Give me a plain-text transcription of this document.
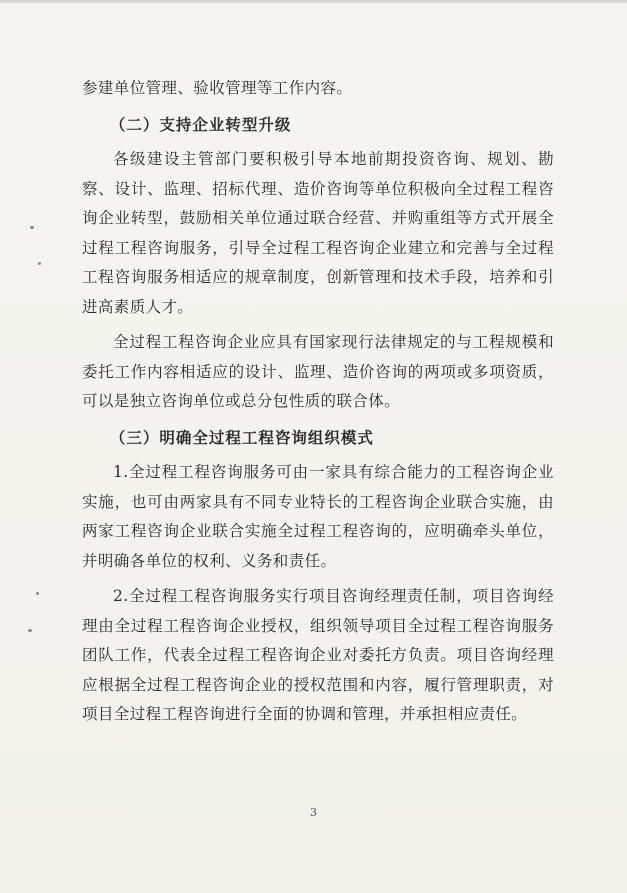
参建单位管理、验收管理等工作内容。

（二）支持企业转型升级

各级建设主管部门要积极引导本地前期投资咨询、规划、勘察、设计、监理、招标代理、造价咨询等单位积极向全过程工程咨询企业转型，鼓励相关单位通过联合经营、并购重组等方式开展全过程工程咨询服务，引导全过程工程咨询企业建立和完善与全过程工程咨询服务相适应的规章制度，创新管理和技术手段，培养和引进高素质人才。

全过程工程咨询企业应具有国家现行法律规定的与工程规模和委托工作内容相适应的设计、监理、造价咨询的两项或多项资质，可以是独立咨询单位或总分包性质的联合体。

（三）明确全过程工程咨询组织模式

1.全过程工程咨询服务可由一家具有综合能力的工程咨询企业实施，也可由两家具有不同专业特长的工程咨询企业联合实施，由两家工程咨询企业联合实施全过程工程咨询的，应明确牵头单位，并明确各单位的权利、义务和责任。

2.全过程工程咨询服务实行项目咨询经理责任制，项目咨询经理由全过程工程咨询企业授权，组织领导项目全过程工程咨询服务团队工作，代表全过程工程咨询企业对委托方负责。项目咨询经理应根据全过程工程咨询企业的授权范围和内容，履行管理职责，对项目全过程工程咨询进行全面的协调和管理，并承担相应责任。

3
